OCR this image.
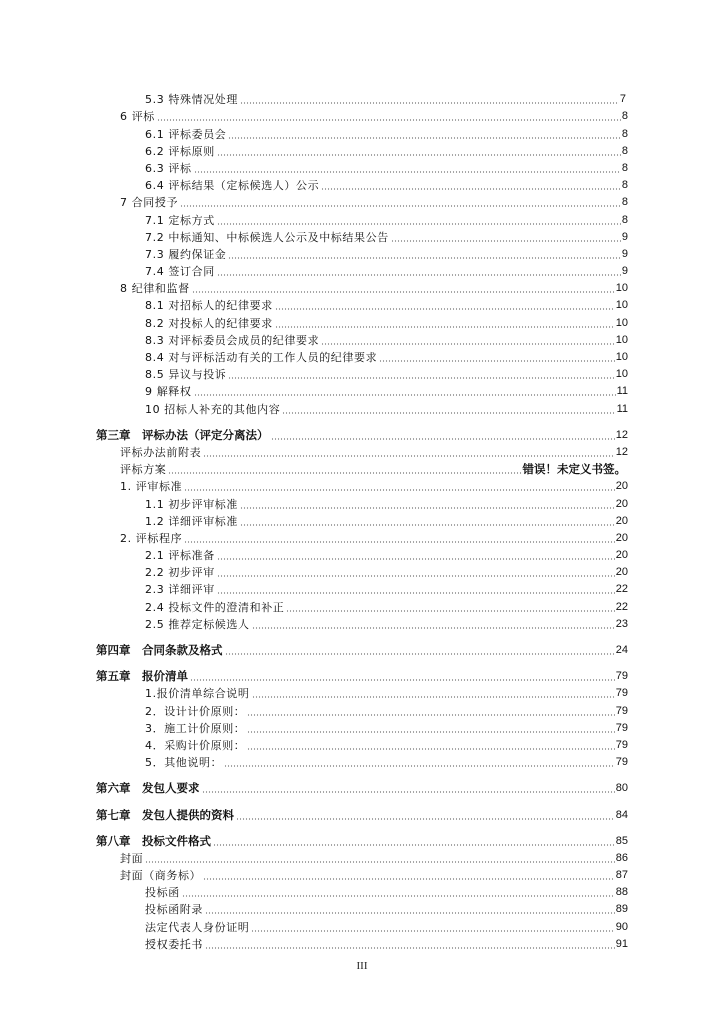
5.3 特殊情况处理	7
6 评标	8
6.1 评标委员会	8
6.2 评标原则	8
6.3 评标	8
6.4 评标结果（定标候选人）公示	8
7 合同授予	8
7.1 定标方式	8
7.2 中标通知、中标候选人公示及中标结果公告	9
7.3 履约保证金	9
7.4 签订合同	9
8 纪律和监督	10
8.1 对招标人的纪律要求	10
8.2 对投标人的纪律要求	10
8.3 对评标委员会成员的纪律要求	10
8.4 对与评标活动有关的工作人员的纪律要求	10
8.5 异议与投诉	10
9 解释权	11
10 招标人补充的其他内容	11
第三章　评标办法（评定分离法）	12
评标办法前附表	12
评标方案	错误！未定义书签。
1. 评审标准	20
1.1 初步评审标准	20
1.2 详细评审标准	20
2. 评标程序	20
2.1 评标准备	20
2.2 初步评审	20
2.3 详细评审	22
2.4 投标文件的澄清和补正	22
2.5 推荐定标候选人	23
第四章　合同条款及格式	24
第五章　报价清单	79
1.报价清单综合说明	79
2．设计计价原则：	79
3．施工计价原则：	79
4．采购计价原则：	79
5．其他说明：	79
第六章　发包人要求	80
第七章　发包人提供的资料	84
第八章　投标文件格式	85
封面	86
封面（商务标）	87
投标函	88
投标函附录	89
法定代表人身份证明	90
授权委托书	91
III
